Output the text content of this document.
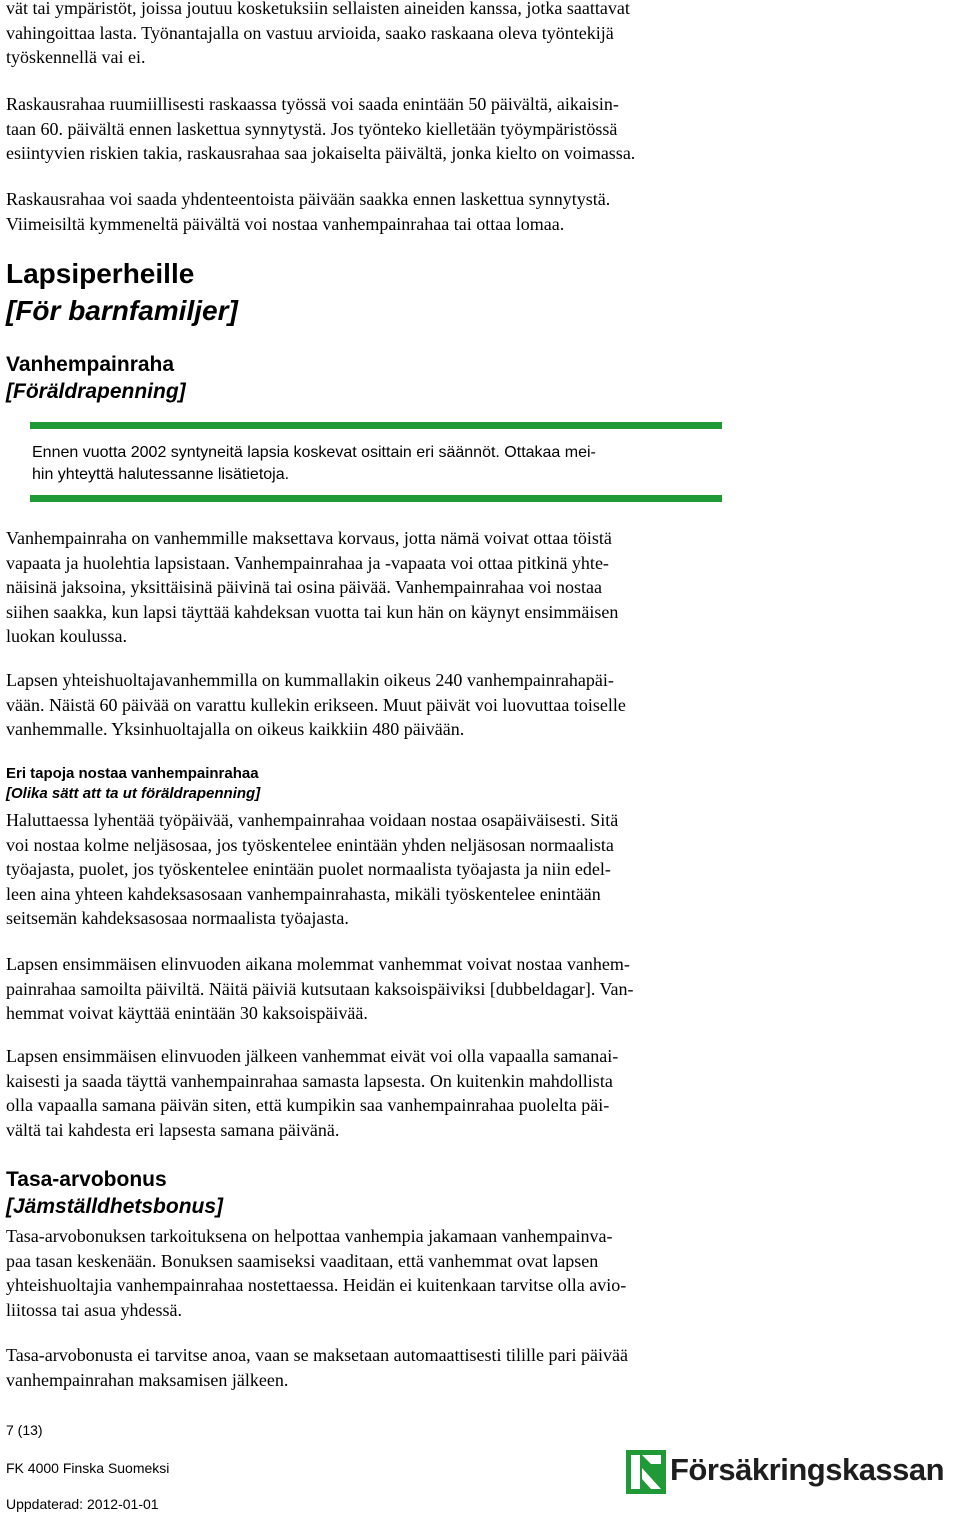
vät tai ympäristöt, joissa joutuu kosketuksiin sellaisten aineiden kanssa, jotka saattavat
vahingoittaa lasta. Työnantajalla on vastuu arvioida, saako raskaana oleva työntekijä
työskennellä vai ei.

Raskausrahaa ruumiillisesti raskaassa työssä voi saada enintään 50 päivältä, aikaisin-
taan 60. päivältä ennen laskettua synnytystä. Jos työnteko kielletään työympäristössä
esiintyvien riskien takia, raskausrahaa saa jokaiselta päivältä, jonka kielto on voimassa.

Raskausrahaa voi saada yhdenteentoista päivään saakka ennen laskettua synnytystä.
Viimeisiltä kymmeneltä päivältä voi nostaa vanhempainrahaa tai ottaa lomaa.

Lapsiperheille
[För barnfamiljer]
Vanhempainraha
[Föräldrapenning]
Ennen vuotta 2002 syntyneitä lapsia koskevat osittain eri säännöt. Ottakaa mei-
hin yhteyttä halutessanne lisätietoja.

Vanhempainraha on vanhemmille maksettava korvaus, jotta nämä voivat ottaa töistä
vapaata ja huolehtia lapsistaan. Vanhempainrahaa ja -vapaata voi ottaa pitkinä yhte-
näisinä jaksoina, yksittäisinä päivinä tai osina päivää. Vanhempainrahaa voi nostaa
siihen saakka, kun lapsi täyttää kahdeksan vuotta tai kun hän on käynyt ensimmäisen
luokan koulussa.

Lapsen yhteishuoltajavanhemmilla on kummallakin oikeus 240 vanhempainrahapäi-
vään. Näistä 60 päivää on varattu kullekin erikseen. Muut päivät voi luovuttaa toiselle
vanhemmalle. Yksinhuoltajalla on oikeus kaikkiin 480 päivään.

Eri tapoja nostaa vanhempainrahaa
[Olika sätt att ta ut föräldrapenning]

Haluttaessa lyhentää työpäivää, vanhempainrahaa voidaan nostaa osapäiväisesti. Sitä
voi nostaa kolme neljäsosaa, jos työskentelee enintään yhden neljäsosan normaalista
työajasta, puolet, jos työskentelee enintään puolet normaalista työajasta ja niin edel-
leen aina yhteen kahdeksasosaan vanhempainrahasta, mikäli työskentelee enintään
seitsemän kahdeksasosaa normaalista työajasta.

Lapsen ensimmäisen elinvuoden aikana molemmat vanhemmat voivat nostaa vanhem-
painrahaa samoilta päiviltä. Näitä päiviä kutsutaan kaksoispäiviksi [dubbeldagar]. Van-
hemmat voivat käyttää enintään 30 kaksoispäivää.

Lapsen ensimmäisen elinvuoden jälkeen vanhemmat eivät voi olla vapaalla samanai-
kaisesti ja saada täyttä vanhempainrahaa samasta lapsesta. On kuitenkin mahdollista
olla vapaalla samana päivän siten, että kumpikin saa vanhempainrahaa puolelta päi-
vältä tai kahdesta eri lapsesta samana päivänä.

Tasa-arvobonus
[Jämställdhetsbonus]

Tasa-arvobonuksen tarkoituksena on helpottaa vanhempia jakamaan vanhempainva-
paa tasan keskenään. Bonuksen saamiseksi vaaditaan, että vanhemmat ovat lapsen
yhteishuoltajia vanhempainrahaa nostettaessa. Heidän ei kuitenkaan tarvitse olla avio-
liitossa tai asua yhdessä.

Tasa-arvobonusta ei tarvitse anoa, vaan se maksetaan automaattisesti tilille pari päivää
vanhempainrahan maksamisen jälkeen.

7 (13)
FK 4000 Finska Suomeksi
Uppdaterad: 2012-01-01
Försäkringskassan
